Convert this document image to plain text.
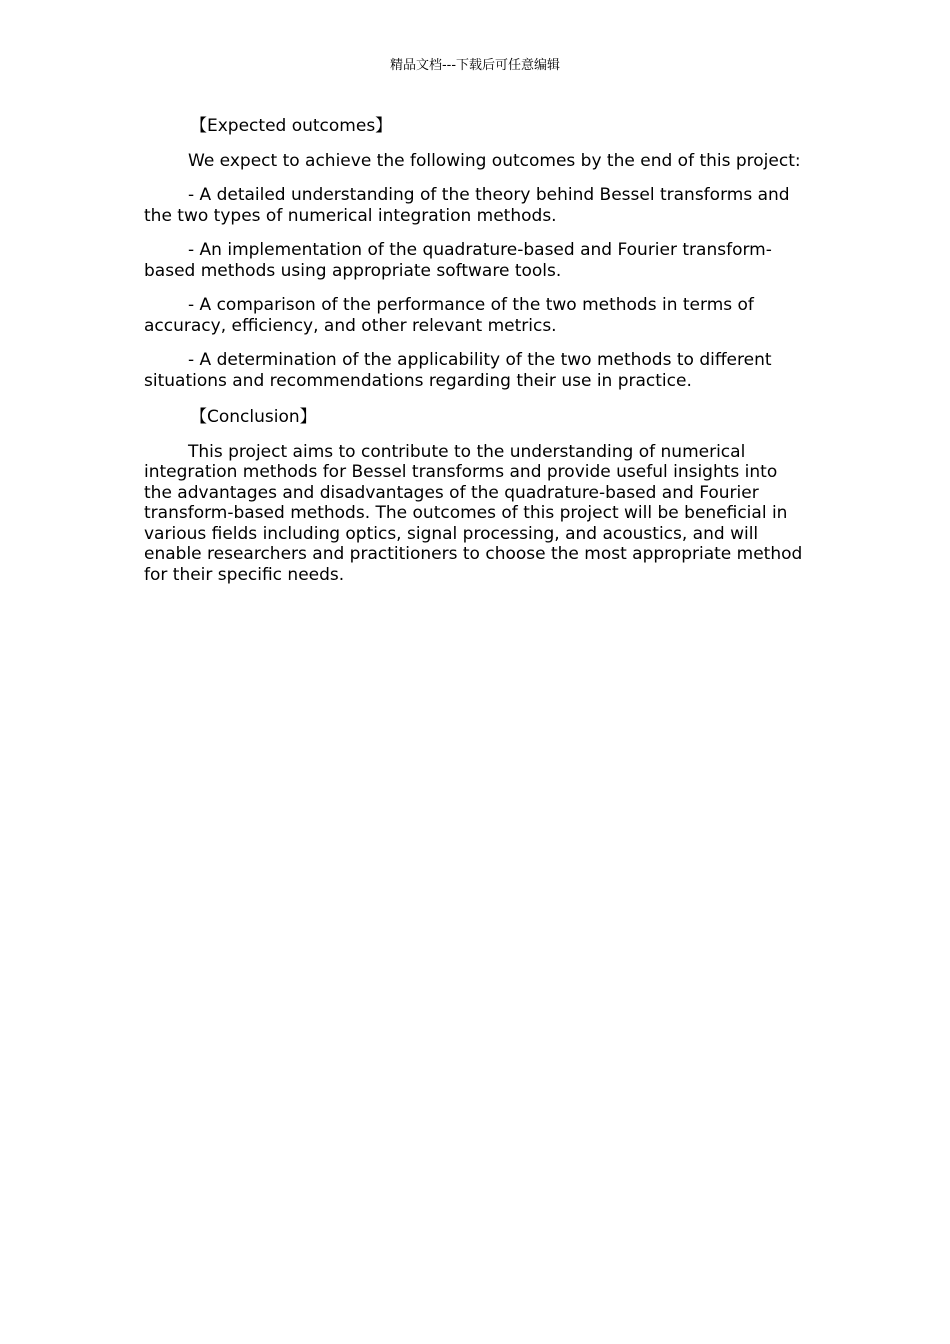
精品文档---下载后可任意编辑
【Expected outcomes】

We expect to achieve the following outcomes by the end of this project:

- A detailed understanding of the theory behind Bessel transforms and the two types of numerical integration methods.

- An implementation of the quadrature-based and Fourier transform-based methods using appropriate software tools.

- A comparison of the performance of the two methods in terms of accuracy, efficiency, and other relevant metrics.

- A determination of the applicability of the two methods to different situations and recommendations regarding their use in practice.

【Conclusion】

This project aims to contribute to the understanding of numerical integration methods for Bessel transforms and provide useful insights into the advantages and disadvantages of the quadrature-based and Fourier transform-based methods. The outcomes of this project will be beneficial in various fields including optics, signal processing, and acoustics, and will enable researchers and practitioners to choose the most appropriate method for their specific needs.
